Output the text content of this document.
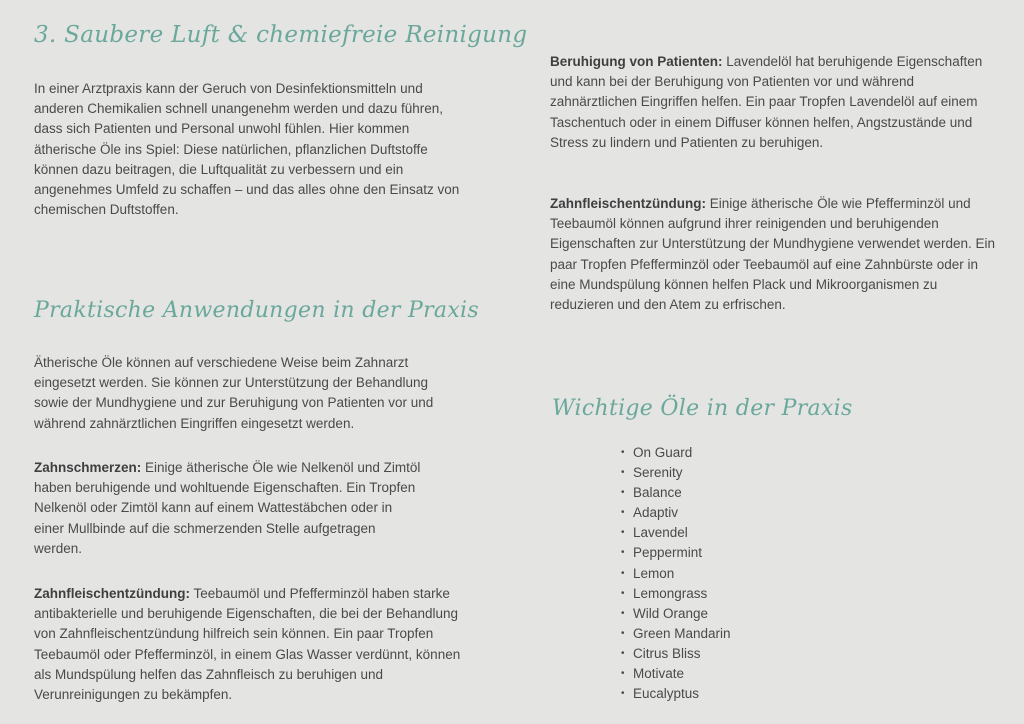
3. Saubere Luft & chemiefreie Reinigung

In einer Arztpraxis kann der Geruch von Desinfektionsmitteln und anderen Chemikalien schnell unangenehm werden und dazu führen, dass sich Patienten und Personal unwohl fühlen. Hier kommen ätherische Öle ins Spiel: Diese natürlichen, pflanzlichen Duftstoffe können dazu beitragen, die Luftqualität zu verbessern und ein angenehmes Umfeld zu schaffen – und das alles ohne den Einsatz von chemischen Duftstoffen.

Praktische Anwendungen in der Praxis

Ätherische Öle können auf verschiedene Weise beim Zahnarzt eingesetzt werden. Sie können zur Unterstützung der Behandlung sowie der Mundhygiene und zur Beruhigung von Patienten vor und während zahnärztlichen Eingriffen eingesetzt werden.

Zahnschmerzen: Einige ätherische Öle wie Nelkenöl und Zimtöl haben beruhigende und wohltuende Eigenschaften. Ein Tropfen Nelkenöl oder Zimtöl kann auf einem Wattestäbchen oder in einer Mullbinde auf die schmerzenden Stelle aufgetragen werden.

Zahnfleischentzündung: Teebaumöl und Pfefferminzöl haben starke antibakterielle und beruhigende Eigenschaften, die bei der Behandlung von Zahnfleischentzündung hilfreich sein können. Ein paar Tropfen Teebaumöl oder Pfefferminzöl, in einem Glas Wasser verdünnt, können als Mundspülung helfen das Zahnfleisch zu beruhigen und Verunreinigungen zu bekämpfen.

Beruhigung von Patienten: Lavendelöl hat beruhigende Eigenschaften und kann bei der Beruhigung von Patienten vor und während zahnärztlichen Eingriffen helfen. Ein paar Tropfen Lavendelöl auf einem Taschentuch oder in einem Diffuser können helfen, Angstzustände und Stress zu lindern und Patienten zu beruhigen.

Zahnfleischentzündung: Einige ätherische Öle wie Pfefferminzöl und Teebaumöl können aufgrund ihrer reinigenden und beruhigenden Eigenschaften zur Unterstützung der Mundhygiene verwendet werden. Ein paar Tropfen Pfefferminzöl oder Teebaumöl auf eine Zahnbürste oder in eine Mundspülung können helfen Plack und Mikroorganismen zu reduzieren und den Atem zu erfrischen.

Wichtige Öle in der Praxis
• On Guard
• Serenity
• Balance
• Adaptiv
• Lavendel
• Peppermint
• Lemon
• Lemongrass
• Wild Orange
• Green Mandarin
• Citrus Bliss
• Motivate
• Eucalyptus
